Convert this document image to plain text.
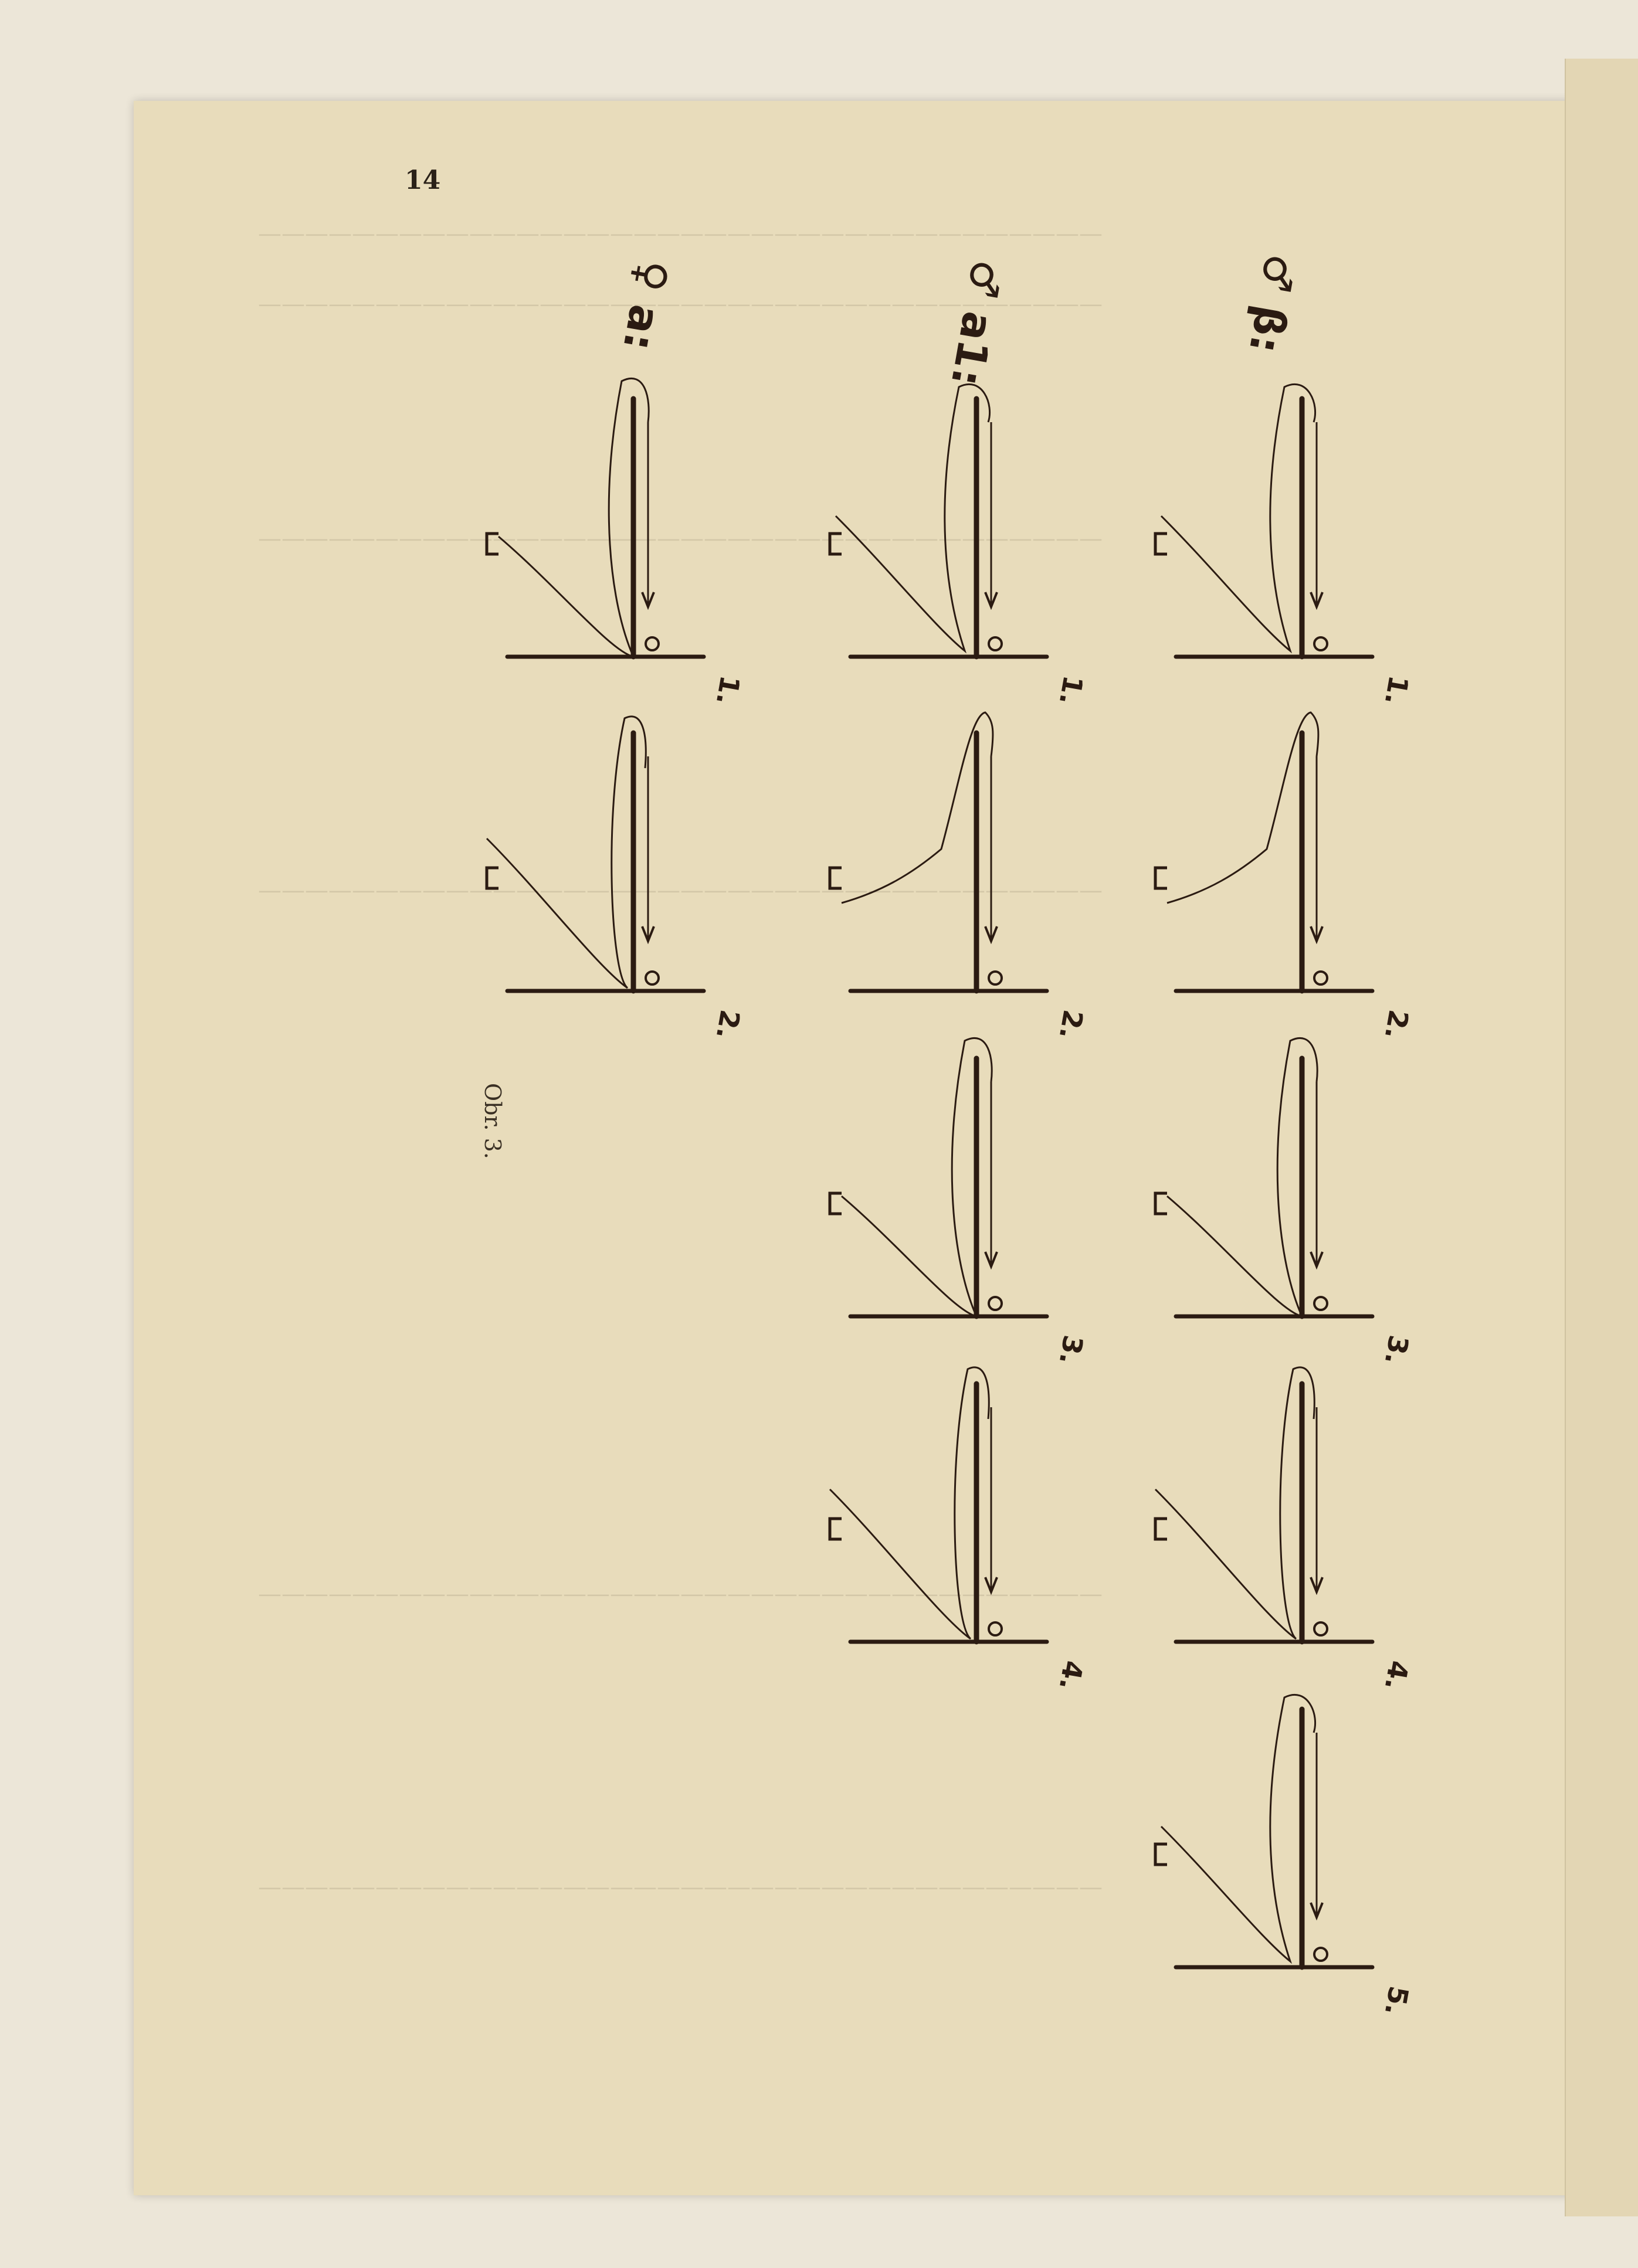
14
————————————————————————————————————
————————————————————————————————————
————————————————————————————————————
————————————————————————————————————
————————————————————————————————————
————————————————————————————————————
1.
2.
1.
2.
3.
4.
1.
2.
3.
4.
5.
♀ a:	♂ a1:	♂ β:
Obr. 3.
